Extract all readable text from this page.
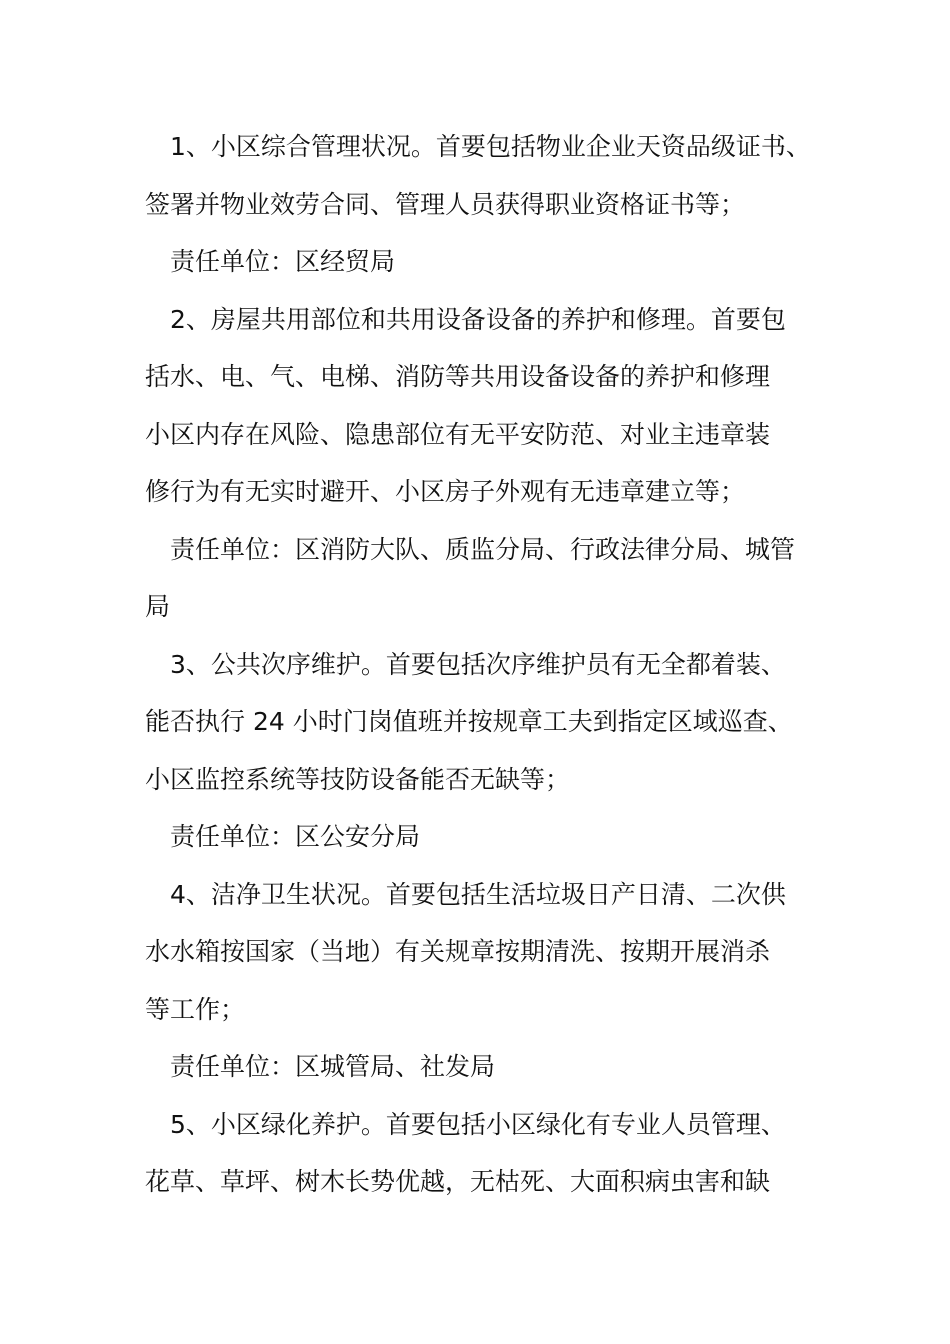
1、小区综合管理状况。首要包括物业企业天资品级证书、
签署并物业效劳合同、管理人员获得职业资格证书等；
责任单位：区经贸局
2、房屋共用部位和共用设备设备的养护和修理。首要包
括水、电、气、电梯、消防等共用设备设备的养护和修理
小区内存在风险、隐患部位有无平安防范、对业主违章装
修行为有无实时避开、小区房子外观有无违章建立等；
责任单位：区消防大队、质监分局、行政法律分局、城管
局
3、公共次序维护。首要包括次序维护员有无全都着装、
能否执行 24 小时门岗值班并按规章工夫到指定区域巡查、
小区监控系统等技防设备能否无缺等；
责任单位：区公安分局
4、洁净卫生状况。首要包括生活垃圾日产日清、二次供
水水箱按国家（当地）有关规章按期清洗、按期开展消杀
等工作；
责任单位：区城管局、社发局
5、小区绿化养护。首要包括小区绿化有专业人员管理、
花草、草坪、树木长势优越，无枯死、大面积病虫害和缺
